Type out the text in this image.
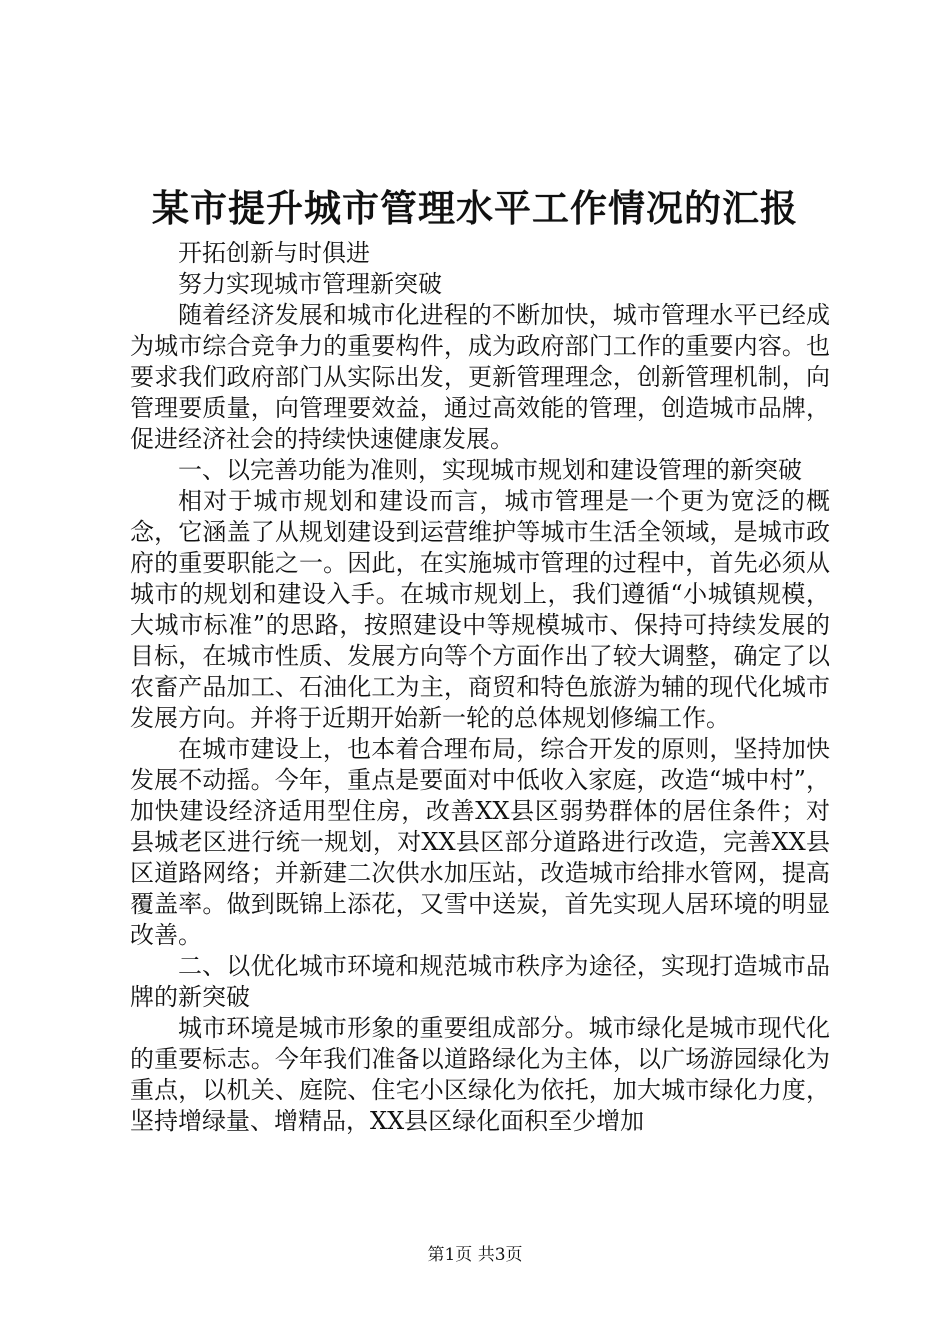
某市提升城市管理水平工作情况的汇报

开拓创新与时俱进

努力实现城市管理新突破

随着经济发展和城市化进程的不断加快，城市管理水平已经成为城市综合竞争力的重要构件，成为政府部门工作的重要内容。也要求我们政府部门从实际出发，更新管理理念，创新管理机制，向管理要质量，向管理要效益，通过高效能的管理，创造城市品牌，促进经济社会的持续快速健康发展。

一、以完善功能为准则，实现城市规划和建设管理的新突破

相对于城市规划和建设而言，城市管理是一个更为宽泛的概念，它涵盖了从规划建设到运营维护等城市生活全领域，是城市政府的重要职能之一。因此，在实施城市管理的过程中，首先必须从城市的规划和建设入手。在城市规划上，我们遵循“小城镇规模，大城市标准”的思路，按照建设中等规模城市、保持可持续发展的目标，在城市性质、发展方向等个方面作出了较大调整，确定了以农畜产品加工、石油化工为主，商贸和特色旅游为辅的现代化城市发展方向。并将于近期开始新一轮的总体规划修编工作。

在城市建设上，也本着合理布局，综合开发的原则，坚持加快发展不动摇。今年，重点是要面对中低收入家庭，改造“城中村”，加快建设经济适用型住房，改善XX县区弱势群体的居住条件；对县城老区进行统一规划，对XX县区部分道路进行改造，完善XX县区道路网络；并新建二次供水加压站，改造城市给排水管网，提高覆盖率。做到既锦上添花，又雪中送炭，首先实现人居环境的明显改善。

二、以优化城市环境和规范城市秩序为途径，实现打造城市品牌的新突破

城市环境是城市形象的重要组成部分。城市绿化是城市现代化的重要标志。今年我们准备以道路绿化为主体，以广场游园绿化为重点，以机关、庭院、住宅小区绿化为依托，加大城市绿化力度，坚持增绿量、增精品，XX县区绿化面积至少增加

第1页 共3页
